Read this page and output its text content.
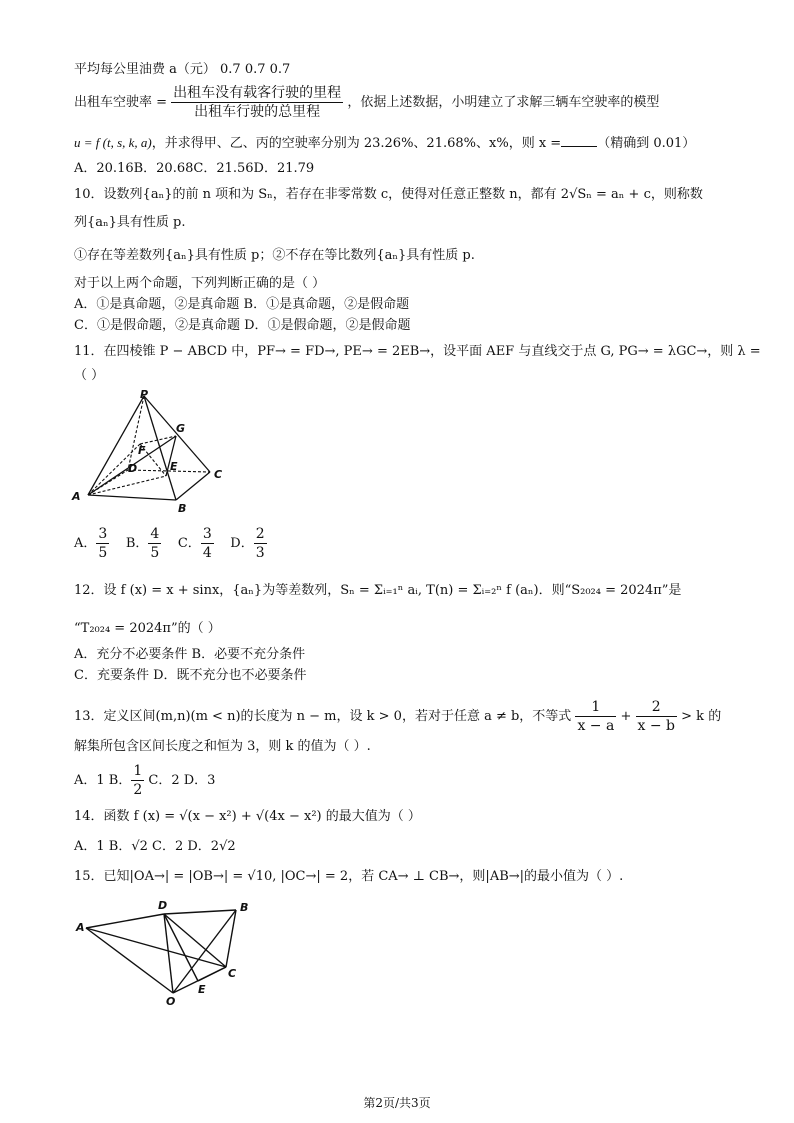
平均每公里油费 a（元） 0.7 0.7 0.7
出租车空驶率 = $\frac{\text{出租车没有载客行驶的里程}}{\text{出租车行驶的总里程}}$ ，依据上述数据，小明建立了求解三辆车空驶率的模型
u = f (t, s, k, a)，并求得甲、乙、丙的空驶率分别为 23.26%、21.68%、x%，则 x =	（精确到 0.01）
A．20.16B．20.68C．21.56D．21.79
10．设数列{aₙ}的前 n 项和为 Sₙ，若存在非零常数 c，使得对任意正整数 n，都有 2√Sₙ = aₙ + c，则称数
列{aₙ}具有性质 p.
①存在等差数列{aₙ}具有性质 p；②不存在等比数列{aₙ}具有性质 p.
对于以上两个命题，下列判断正确的是（ ）
A．①是真命题，②是真命题 B．①是真命题，②是假命题
C．①是假命题，②是真命题 D．①是假命题，②是假命题
11．在四棱锥 P − ABCD 中，PF→ = FD→, PE→ = 2EB→，设平面 AEF 与直线交于点 G, PG→ = λGC→，则 λ =
（ ）
P
G
F
D	E
C
A
B
A． $\frac{3}{5}$ B． $\frac{4}{5}$ C． $\frac{3}{4}$ D． $\frac{2}{3}$
12．设 f (x) = x + sinx，{aₙ}为等差数列，Sₙ = Σᵢ₌₁ⁿ aᵢ, T(n) = Σᵢ₌₂ⁿ f (aₙ)．则“S₂₀₂₄ = 2024π”是
“T₂₀₂₄ = 2024π”的（ ）
A．充分不必要条件 B．必要不充分条件
C．充要条件 D．既不充分也不必要条件
13．定义区间(m,n)(m < n)的长度为 n − m，设 k > 0，若对于任意 a ≠ b，不等式 $\frac{1}{x - a} + \frac{2}{x - b} > k$ 的
解集所包含区间长度之和恒为 3，则 k 的值为（ ）.
A．1 B． $\frac{1}{2}$ C．2 D．3
14．函数 f (x) = √(x − x²) + √(4x − x²) 的最大值为（ ）
A．1 B．√2 C．2 D．2√2
15．已知|OA→| = |OB→| = √10, |OC→| = 2，若 CA→ ⊥ CB→，则|AB→|的最小值为（ ）.
A
D	B
C
E
O
第2页/共3页
